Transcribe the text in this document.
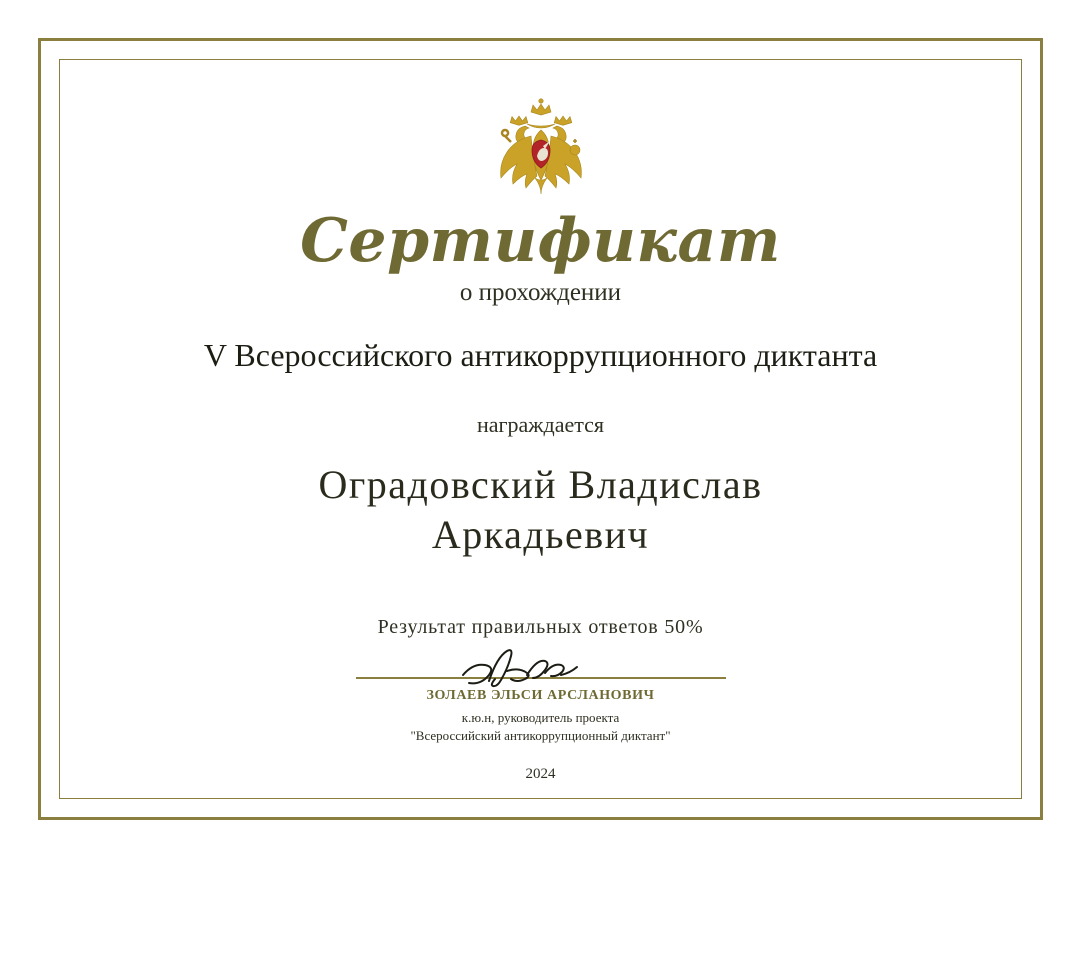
Сертификат
о прохождении
V Всероссийского антикоррупционного диктанта
награждается
Оградовский Владислав Аркадьевич
Результат правильных ответов 50%
ЗОЛАЕВ ЭЛЬСИ АРСЛАНОВИЧ
к.ю.н, руководитель проекта
"Всероссийский антикоррупционный диктант"
2024
